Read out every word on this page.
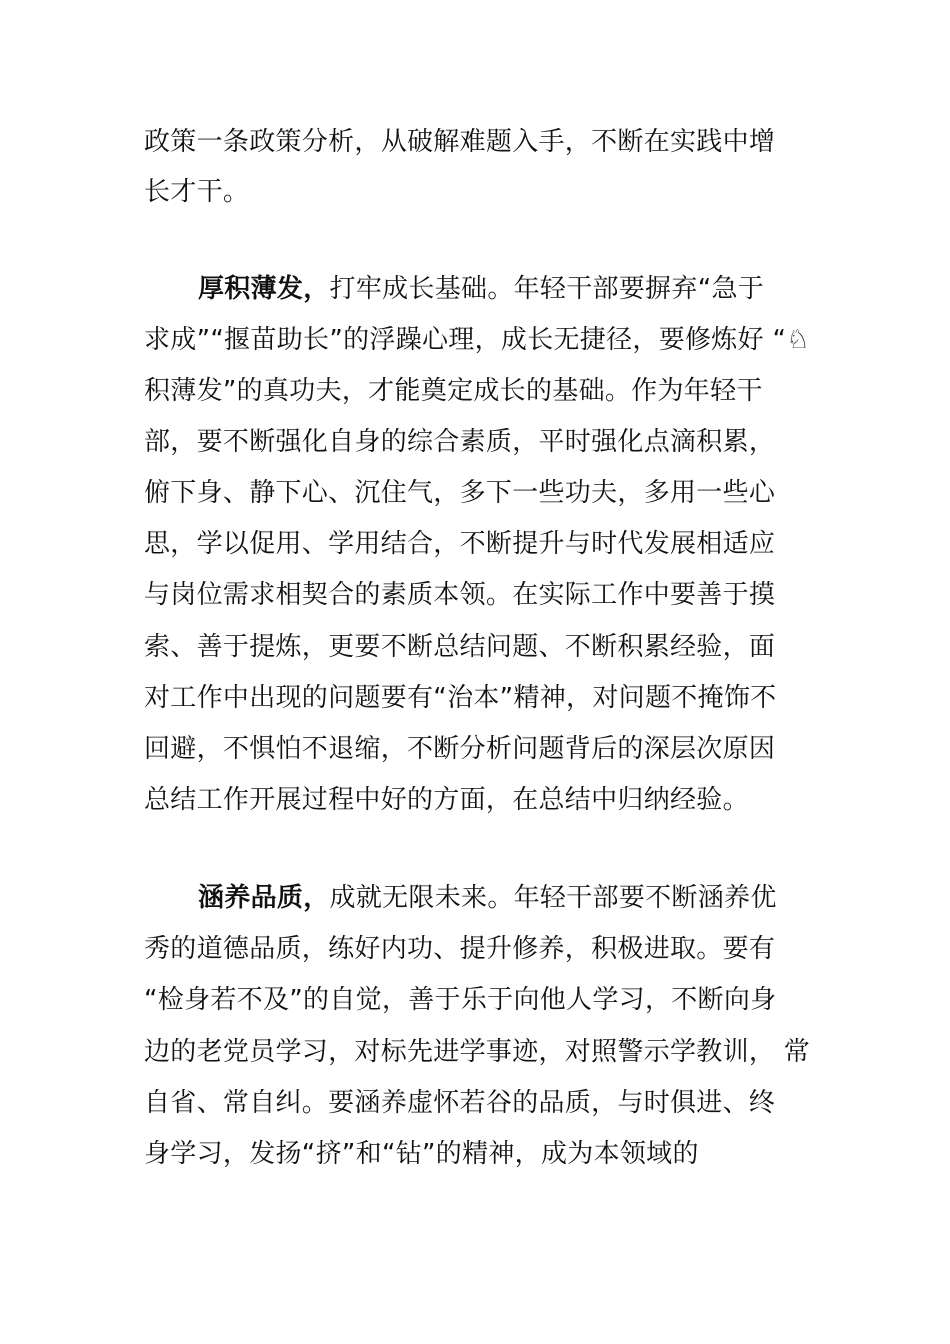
政策一条政策分析，从破解难题入手，不断在实践中增
长才干。
厚积薄发，打牢成长基础。年轻干部要摒弃“急于
求成”“揠苗助长”的浮躁心理，成长无捷径，要修炼好 “♘
积薄发”的真功夫，才能奠定成长的基础。作为年轻干
部，要不断强化自身的综合素质，平时强化点滴积累，
俯下身、静下心、沉住气，多下一些功夫，多用一些心
思，学以促用、学用结合，不断提升与时代发展相适应
与岗位需求相契合的素质本领。在实际工作中要善于摸
索、善于提炼，更要不断总结问题、不断积累经验，面
对工作中出现的问题要有“治本”精神，对问题不掩饰不
回避，不惧怕不退缩，不断分析问题背后的深层次原因
总结工作开展过程中好的方面，在总结中归纳经验。
涵养品质，成就无限未来。年轻干部要不断涵养优
秀的道德品质，练好内功、提升修养，积极进取。要有
“检身若不及”的自觉，善于乐于向他人学习，不断向身
边的老党员学习，对标先进学事迹，对照警示学教训， 常
自省、常自纠。要涵养虚怀若谷的品质，与时俱进、终
身学习，发扬“挤”和“钻”的精神，成为本领域的
